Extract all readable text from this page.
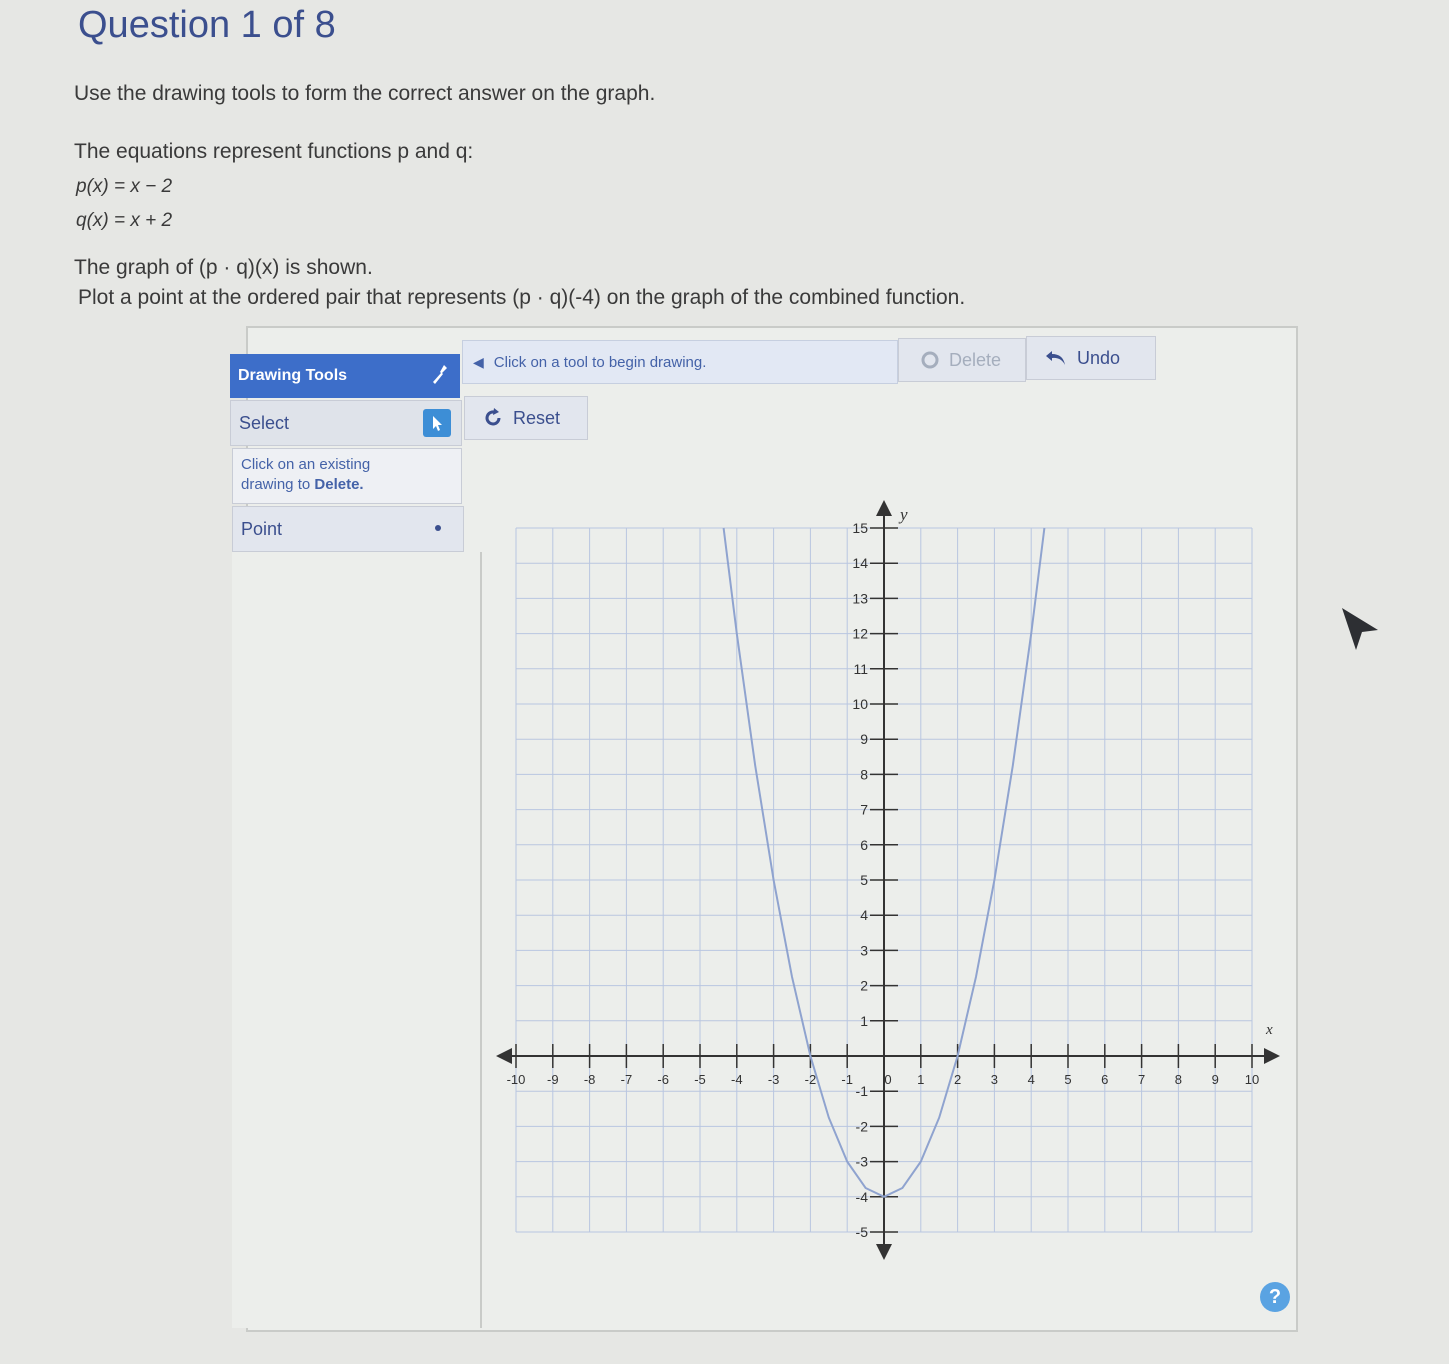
Question 1 of 8
Use the drawing tools to form the correct answer on the graph.
The equations represent functions p and q:
p(x) = x − 2
q(x) = x + 2
The graph of (p · q)(x) is shown.
Plot a point at the ordered pair that represents (p · q)(-4) on the graph of the combined function.
Drawing Tools
◀ Click on a tool to begin drawing.	Delete	Undo
Reset
Select
Click on an existing
drawing to Delete.
Point
-10 -9 -8 -7 -6 -5 -4 -3 -2 -1 0 1 2 3 4 5 6 7 8 9 10
-5
-4
-3
-2
-1
1
2
3
4
5
6
7
8
9
10
11
12
13
14
15
x
y
?
